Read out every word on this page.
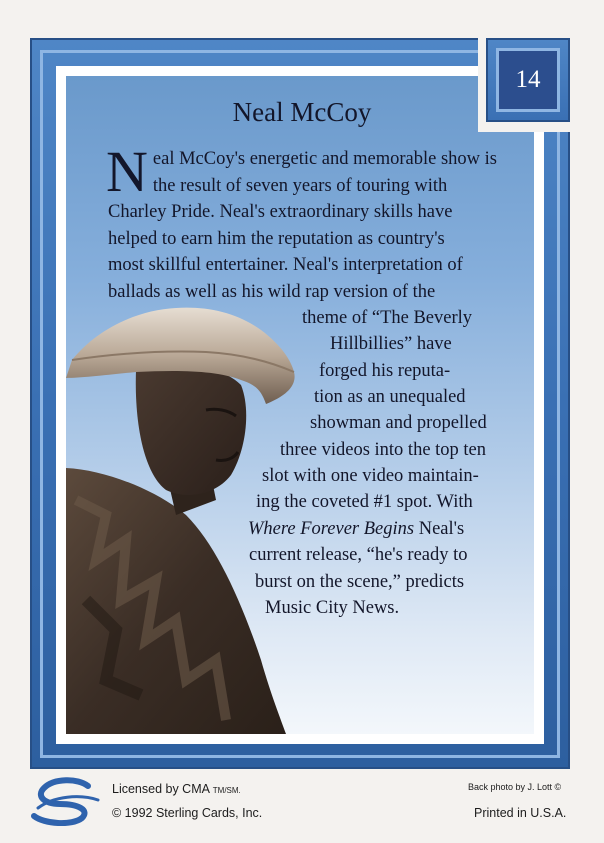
14
Neal McCoy
N eal McCoy's energetic and memorable show is
the result of seven years of touring with
Charley Pride. Neal's extraordinary skills have
helped to earn him the reputation as country's
most skillful entertainer. Neal's interpretation of
ballads as well as his wild rap version of the
theme of “The Beverly
Hillbillies” have
forged his reputa-
tion as an unequaled
showman and propelled
three videos into the top ten
slot with one video maintain-
ing the coveted #1 spot. With
Where Forever Begins Neal's
current release, “he's ready to
burst on the scene,” predicts
Music City News.
S
Licensed by CMA TM/SM.
© 1992 Sterling Cards, Inc.
Back photo by J. Lott ©
Printed in U.S.A.
